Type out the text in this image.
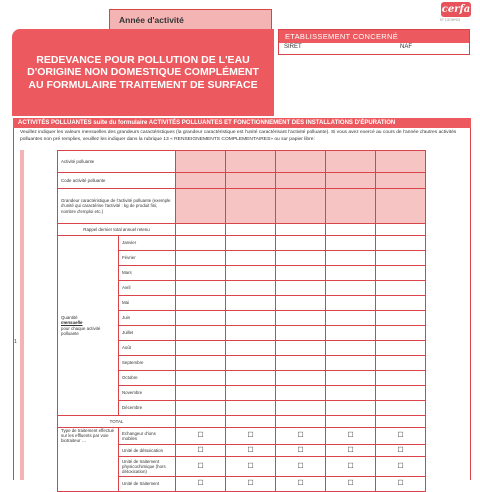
cerfa
N° 13749*03
Année d'activité
REDEVANCE POUR POLLUTION DE L'EAU D'ORIGINE NON DOMESTIQUE COMPLÉMENT AU FORMULAIRE TRAITEMENT DE SURFACE
ETABLISSEMENT CONCERNÉ
SIRET	NAF
ACTIVITÉS POLLUANTES suite du formulaire ACTIVITÉS POLLUANTES ET FONCTIONNEMENT DES INSTALLATIONS D'ÉPURATION
Veuillez indiquer les valeurs mensuelles des grandeurs caractéristiques (la grandeur caractéristique est l'unité caractérisant l'activité polluante). Si vous avez exercé au cours de l'année d'autres activités polluantes non pré remplies, veuillez les indiquer dans la rubrique 13 « RENSEIGNEMENTS COMPLEMENTAIRES» ou sur papier libre:
1
Activité polluante						
Code activité polluante						
Grandeur caractéristique de l'activité polluante (exemple d'unité qui caractérise l'activité : kg de produit fini, nombre d'emploi etc.)						
Rappel dernier total annuel retenu						

Quantité
mensuelle
pour chaque activité polluante	Janvier					
	Février					
	Mars					
	Avril					
	Mai					
	Juin					
	Juillet					
	Août					
	Septembre					
	Octobre					
	Novembre					
	Décembre					
TOTAL						
Type de traitement effectué sur les effluents par voie biotraiteur …	Echangeur d'ions mobiles	☐	☐	☐	☐	☐
	Unité de détoxication	☐	☐	☐	☐	☐
	Unité de traitement physicochimique (hors détoxication)	☐	☐	☐	☐	☐
	Unité de traitement	☐	☐	☐	☐	☐
